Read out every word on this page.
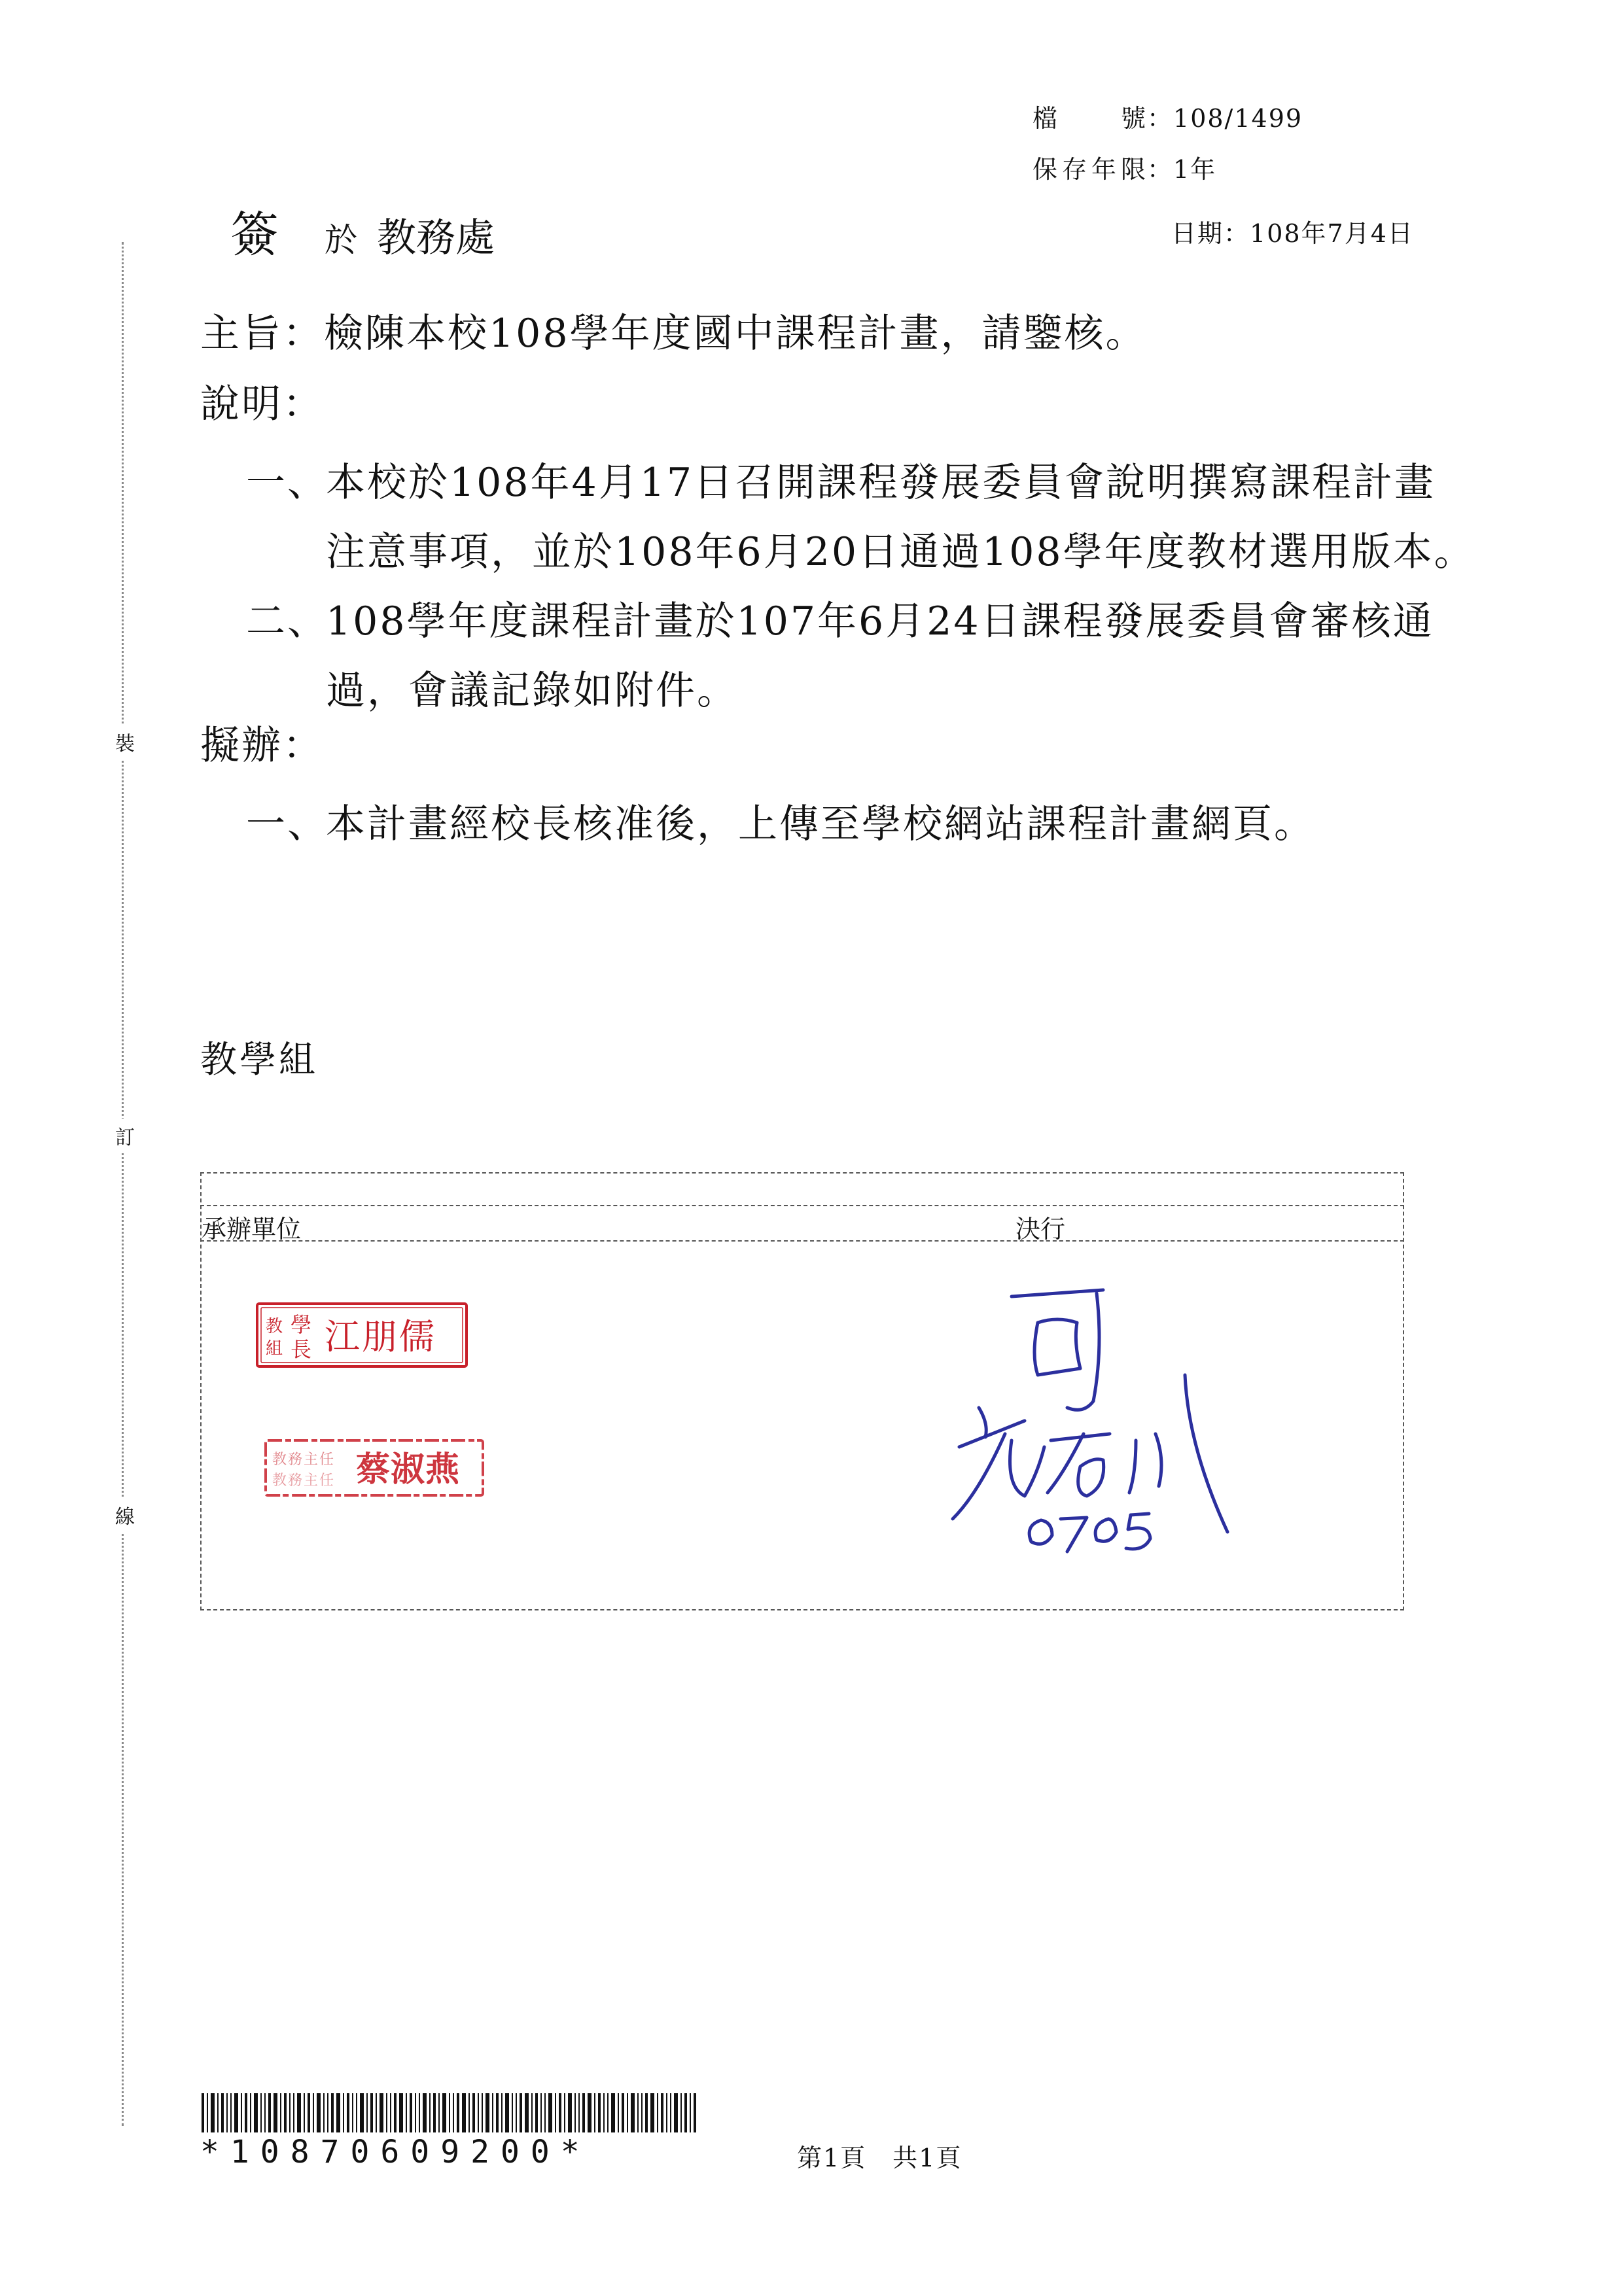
裝
訂
線
檔　　號：108/1499
保存年限：1年
簽 於 教務處	日期：108年7月4日
主旨：檢陳本校108學年度國中課程計畫，請鑒核。
說明：
一、
本校於108年4月17日召開課程發展委員會說明撰寫課程計畫
注意事項，並於108年6月20日通過108學年度教材選用版本。
二、
108學年度課程計畫於107年6月24日課程發展委員會審核通
過，會議記錄如附件。
擬辦：
一、
本計畫經校長核准後，上傳至學校網站課程計畫網頁。
教學組
承辦單位	決行
教
組
學
長 江朋儒
教務主任
教務主任 蔡淑燕
*10870609200*	第1頁　共1頁
